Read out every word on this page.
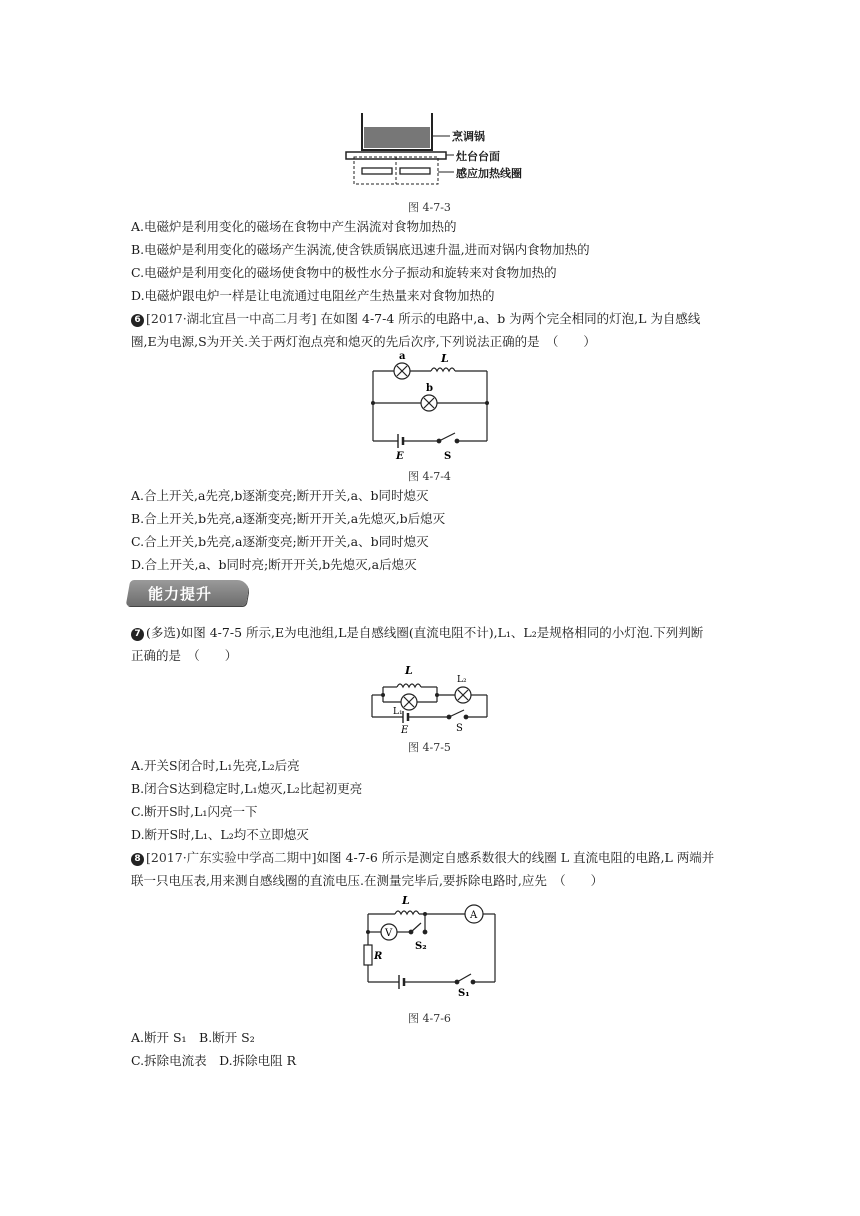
烹调锅
灶台台面
感应加热线圈
图 4-7-3
A.电磁炉是利用变化的磁场在食物中产生涡流对食物加热的
B.电磁炉是利用变化的磁场产生涡流,使含铁质锅底迅速升温,进而对锅内食物加热的
C.电磁炉是利用变化的磁场使食物中的极性水分子振动和旋转来对食物加热的
D.电磁炉跟电炉一样是让电流通过电阻丝产生热量来对食物加热的
6 [2017·湖北宜昌一中高二月考] 在如图 4-7-4 所示的电路中,a、b 为两个完全相同的灯泡,L 为自感线
圈,E为电源,S为开关.关于两灯泡点亮和熄灭的先后次序,下列说法正确的是　（　　）
a	L
b
E	S
图 4-7-4
A.合上开关,a先亮,b逐渐变亮;断开开关,a、b同时熄灭
B.合上开关,b先亮,a逐渐变亮;断开开关,a先熄灭,b后熄灭
C.合上开关,b先亮,a逐渐变亮;断开开关,a、b同时熄灭
D.合上开关,a、b同时亮;断开开关,b先熄灭,a后熄灭
能力提升
7 (多选)如图 4-7-5 所示,E为电池组,L是自感线圈(直流电阻不计),L₁、L₂是规格相同的小灯泡.下列判断
正确的是　（　　）
L
L₁
L₂
E	S
图 4-7-5
A.开关S闭合时,L₁先亮,L₂后亮
B.闭合S达到稳定时,L₁熄灭,L₂比起初更亮
C.断开S时,L₁闪亮一下
D.断开S时,L₁、L₂均不立即熄灭
8 [2017·广东实验中学高二期中]如图 4-7-6 所示是测定自感系数很大的线圈 L 直流电阻的电路,L 两端并
联一只电压表,用来测自感线圈的直流电压.在测量完毕后,要拆除电路时,应先　（　　）
L
A
V
S₂
R
S₁
图 4-7-6
A.断开 S₁　B.断开 S₂
C.拆除电流表　D.拆除电阻 R
